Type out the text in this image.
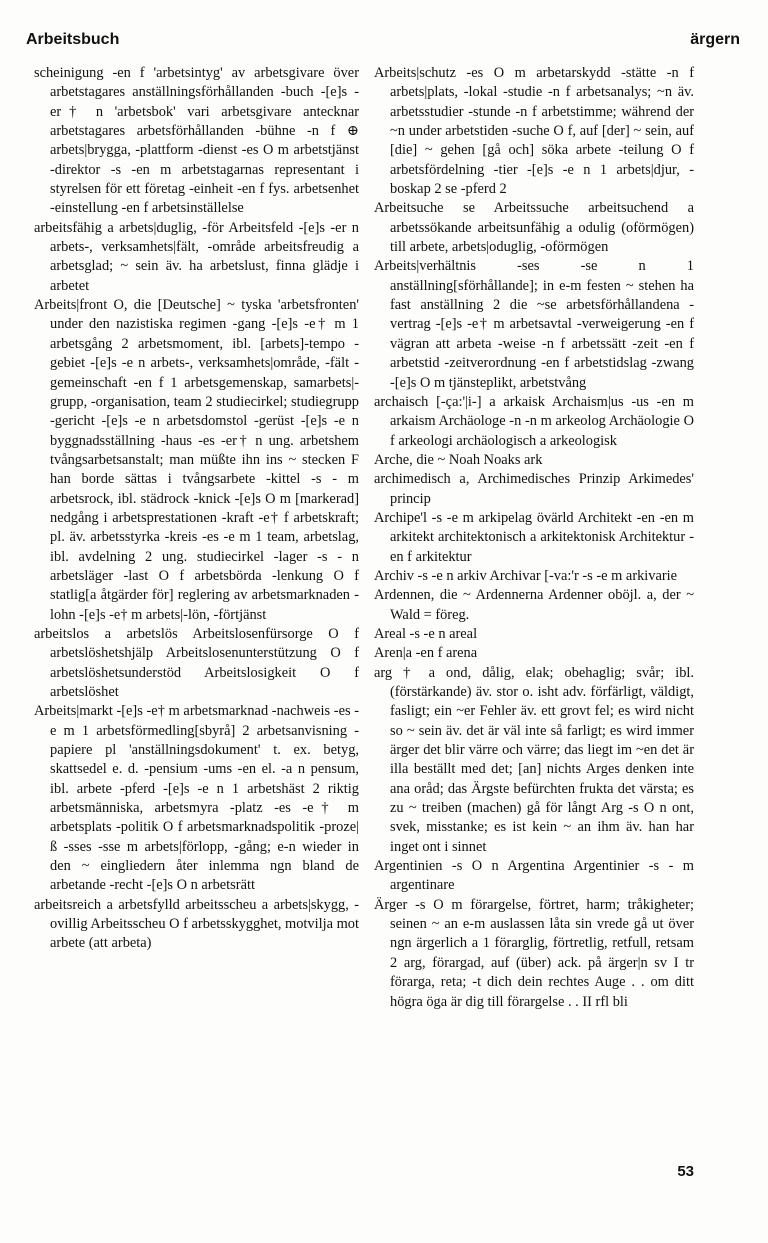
Arbeitsbuch	ärgern

scheinigung -en f 'arbetsintyg' av arbetsgivare över arbetstagares anställningsförhållanden -buch -[e]s -er† n 'arbetsbok' vari arbetsgivare antecknar arbetstagares arbetsförhållanden -bühne -n f ⊕ arbets|brygga, -plattform -dienst -es O m arbetstjänst -direktor -s -en m arbetstagarnas representant i styrelsen för ett företag -einheit -en f fys. arbetsenhet -einstellung -en f arbetsinställelse

arbeitsfähig a arbets|duglig, -för Arbeitsfeld -[e]s -er n arbets-, verksamhets|fält, -område arbeitsfreudig a arbetsglad; ~ sein äv. ha arbetslust, finna glädje i arbetet

Arbeits|front O, die [Deutsche] ~ tyska 'arbetsfronten' under den nazistiska regimen -gang -[e]s -e† m 1 arbetsgång 2 arbetsmoment, ibl. [arbets]-tempo -gebiet -[e]s -e n arbets-, verksamhets|område, -fält -gemeinschaft -en f 1 arbetsgemenskap, samarbets|-grupp, -organisation, team 2 studiecirkel; studiegrupp -gericht -[e]s -e n arbetsdomstol -gerüst -[e]s -e n byggnadsställning -haus -es -er† n ung. arbetshem tvångsarbetsanstalt; man müßte ihn ins ~ stecken F han borde sättas i tvångsarbete -kittel -s - m arbetsrock, ibl. städrock -knick -[e]s O m [markerad] nedgång i arbetsprestationen -kraft -e† f arbetskraft; pl. äv. arbetsstyrka -kreis -es -e m 1 team, arbetslag, ibl. avdelning 2 ung. studiecirkel -lager -s - n arbetsläger -last O f arbetsbörda -lenkung O f statlig[a åtgärder för] reglering av arbetsmarknaden -lohn -[e]s -e† m arbets|-lön, -förtjänst

arbeitslos a arbetslös Arbeitslosenfürsorge O f arbetslöshetshjälp Arbeitslosenunterstützung O f arbetslöshetsunderstöd Arbeitslosigkeit O f arbetslöshet

Arbeits|markt -[e]s -e† m arbetsmarknad -nachweis -es -e m 1 arbetsförmedling[sbyrå] 2 arbetsanvisning -papiere pl 'anställningsdokument' t. ex. betyg, skattsedel e. d. -pensium -ums -en el. -a n pensum, ibl. arbete -pferd -[e]s -e n 1 arbetshäst 2 riktig arbetsmänniska, arbetsmyra -platz -es -e† m arbetsplats -politik O f arbetsmarknadspolitik -proze|ß -sses -sse m arbets|förlopp, -gång; e-n wieder in den ~ eingliedern åter inlemma ngn bland de arbetande -recht -[e]s O n arbetsrätt

arbeitsreich a arbetsfylld arbeitsscheu a arbets|skygg, -ovillig Arbeitsscheu O f arbetsskygghet, motvilja mot arbete (att arbeta)

Arbeits|schutz -es O m arbetarskydd -stätte -n f arbets|plats, -lokal -studie -n f arbetsanalys; ~n äv. arbetsstudier -stunde -n f arbetstimme; während der ~n under arbetstiden -suche O f, auf [der] ~ sein, auf [die] ~ gehen [gå och] söka arbete -teilung O f arbetsfördelning -tier -[e]s -e n 1 arbets|djur, -boskap 2 se -pferd 2

Arbeitsuche se Arbeitssuche arbeitsuchend a arbetssökande arbeitsunfähig a odulig (oförmögen) till arbete, arbets|oduglig, -oförmögen

Arbeits|verhältnis -ses -se n 1 anställning[sförhållande]; in e-m festen ~ stehen ha fast anställning 2 die ~se arbetsförhållandena -vertrag -[e]s -e† m arbetsavtal -verweigerung -en f vägran att arbeta -weise -n f arbetssätt -zeit -en f arbetstid -zeitverordnung -en f arbetstidslag -zwang -[e]s O m tjänsteplikt, arbetstvång

archaisch [-ça:'|i-] a arkaisk Archaism|us -us -en m arkaism Archäologe -n -n m arkeolog Archäologie O f arkeologi archäologisch a arkeologisk

Arche, die ~ Noah Noaks ark

archimedisch a, Archimedisches Prinzip Arkimedes' princip

Archipe'l -s -e m arkipelag övärld Architekt -en -en m arkitekt architektonisch a arkitektonisk Architektur -en f arkitektur

Archiv -s -e n arkiv Archivar [-va:'r -s -e m arkivarie

Ardennen, die ~ Ardennerna Ardenner oböjl. a, der ~ Wald = föreg.

Areal -s -e n areal

Aren|a -en f arena

arg † a ond, dålig, elak; obehaglig; svår; ibl. (förstärkande) äv. stor o. isht adv. förfärligt, väldigt, fasligt; ein ~er Fehler äv. ett grovt fel; es wird nicht so ~ sein äv. det är väl inte så farligt; es wird immer ärger det blir värre och värre; das liegt im ~en det är illa beställt med det; [an] nichts Arges denken inte ana oråd; das Ärgste befürchten frukta det värsta; es zu ~ treiben (machen) gå för långt Arg -s O n ont, svek, misstanke; es ist kein ~ an ihm äv. han har inget ont i sinnet

Argentinien -s O n Argentina Argentinier -s - m argentinare

Ärger -s O m förargelse, förtret, harm; tråkigheter; seinen ~ an e-m auslassen låta sin vrede gå ut över ngn ärgerlich a 1 förarglig, förtretlig, retfull, retsam 2 arg, förargad, auf (über) ack. på ärger|n sv I tr förarga, reta; -t dich dein rechtes Auge . . om ditt högra öga är dig till förargelse . . II rfl bli

53
